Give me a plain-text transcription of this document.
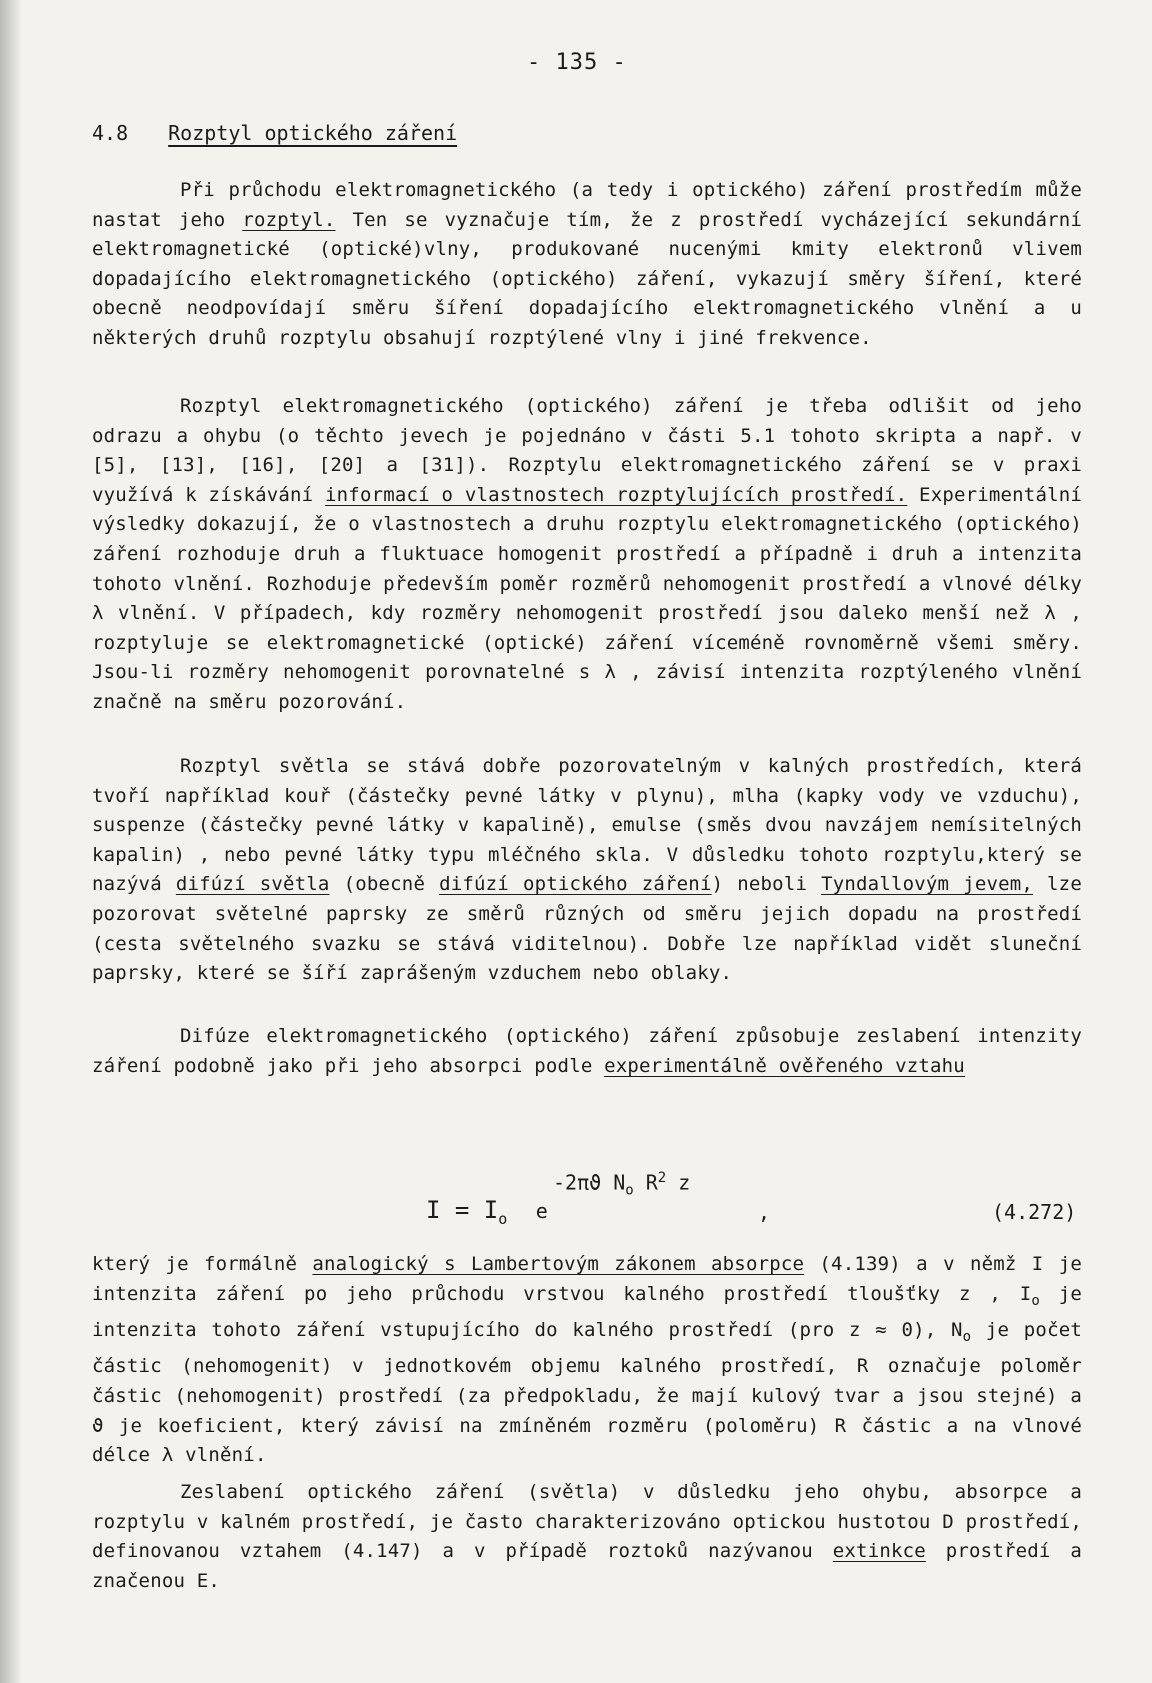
- 135 -
4.8 Rozptyl optického záření

Při průchodu elektromagnetického (a tedy i optického) záření prostředím může nastat jeho rozptyl. Ten se vyznačuje tím, že z prostředí vycházející sekundární elektromagnetické (optické)vlny, produkované nucenými kmity elektronů vlivem dopadajícího elektromagnetického (optického) záření, vykazují směry šíření, které obecně neodpovídají směru šíření dopadajícího elektromagnetického vlnění a u některých druhů rozptylu obsahují rozptýlené vlny i jiné frekvence.

Rozptyl elektromagnetického (optického) záření je třeba odlišit od jeho odrazu a ohybu (o těchto jevech je pojednáno v části 5.1 tohoto skripta a např. v [5], [13], [16], [20] a [31]). Rozptylu elektromagnetického záření se v praxi využívá k získávání informací o vlastnostech rozptylujících prostředí. Experimentální výsledky dokazují, že o vlastnostech a druhu rozptylu elektromagnetického (optického) záření rozhoduje druh a fluktuace homogenit prostředí a případně i druh a intenzita tohoto vlnění. Rozhoduje především poměr rozměrů nehomogenit prostředí a vlnové délky λ vlnění. V případech, kdy rozměry nehomogenit prostředí jsou daleko menší než λ , rozptyluje se elektromagnetické (optické) záření víceméně rovnoměrně všemi směry. Jsou-li rozměry nehomogenit porovnatelné s λ , závisí intenzita rozptýleného vlnění značně na směru pozorování.

Rozptyl světla se stává dobře pozorovatelným v kalných prostředích, která tvoří například kouř (částečky pevné látky v plynu), mlha (kapky vody ve vzduchu), suspenze (částečky pevné látky v kapalině), emulse (směs dvou navzájem nemísitelných kapalin) , nebo pevné látky typu mléčného skla. V důsledku tohoto rozptylu,který se nazývá difúzí světla (obecně difúzí optického záření) neboli Tyndallovým jevem, lze pozorovat světelné paprsky ze směrů různých od směru jejich dopadu na prostředí (cesta světelného svazku se stává viditelnou). Dobře lze například vidět sluneční paprsky, které se šíří zaprášeným vzduchem nebo oblaky.

Difúze elektromagnetického (optického) záření způsobuje zeslabení intenzity záření podobně jako při jeho absorpci podle experimentálně ověřeného vztahu

$I = I_o$ e
-2πϑ $N_o$ $R^2$ z
,	(4.272)

který je formálně analogický s Lambertovým zákonem absorpce (4.139) a v němž I je intenzita záření po jeho průchodu vrstvou kalného prostředí tloušťky z , $I_o$ je intenzita tohoto záření vstupujícího do kalného prostředí (pro z ≈ 0), $N_o$ je počet částic (nehomogenit) v jednotkovém objemu kalného prostředí, R označuje poloměr částic (nehomogenit) prostředí (za předpokladu, že mají kulový tvar a jsou stejné) a ϑ je koeficient, který závisí na zmíněném rozměru (poloměru) R částic a na vlnové délce λ vlnění.

Zeslabení optického záření (světla) v důsledku jeho ohybu, absorpce a rozptylu v kalném prostředí, je často charakterizováno optickou hustotou D prostředí, definovanou vztahem (4.147) a v případě roztoků nazývanou extinkce prostředí a značenou E.
